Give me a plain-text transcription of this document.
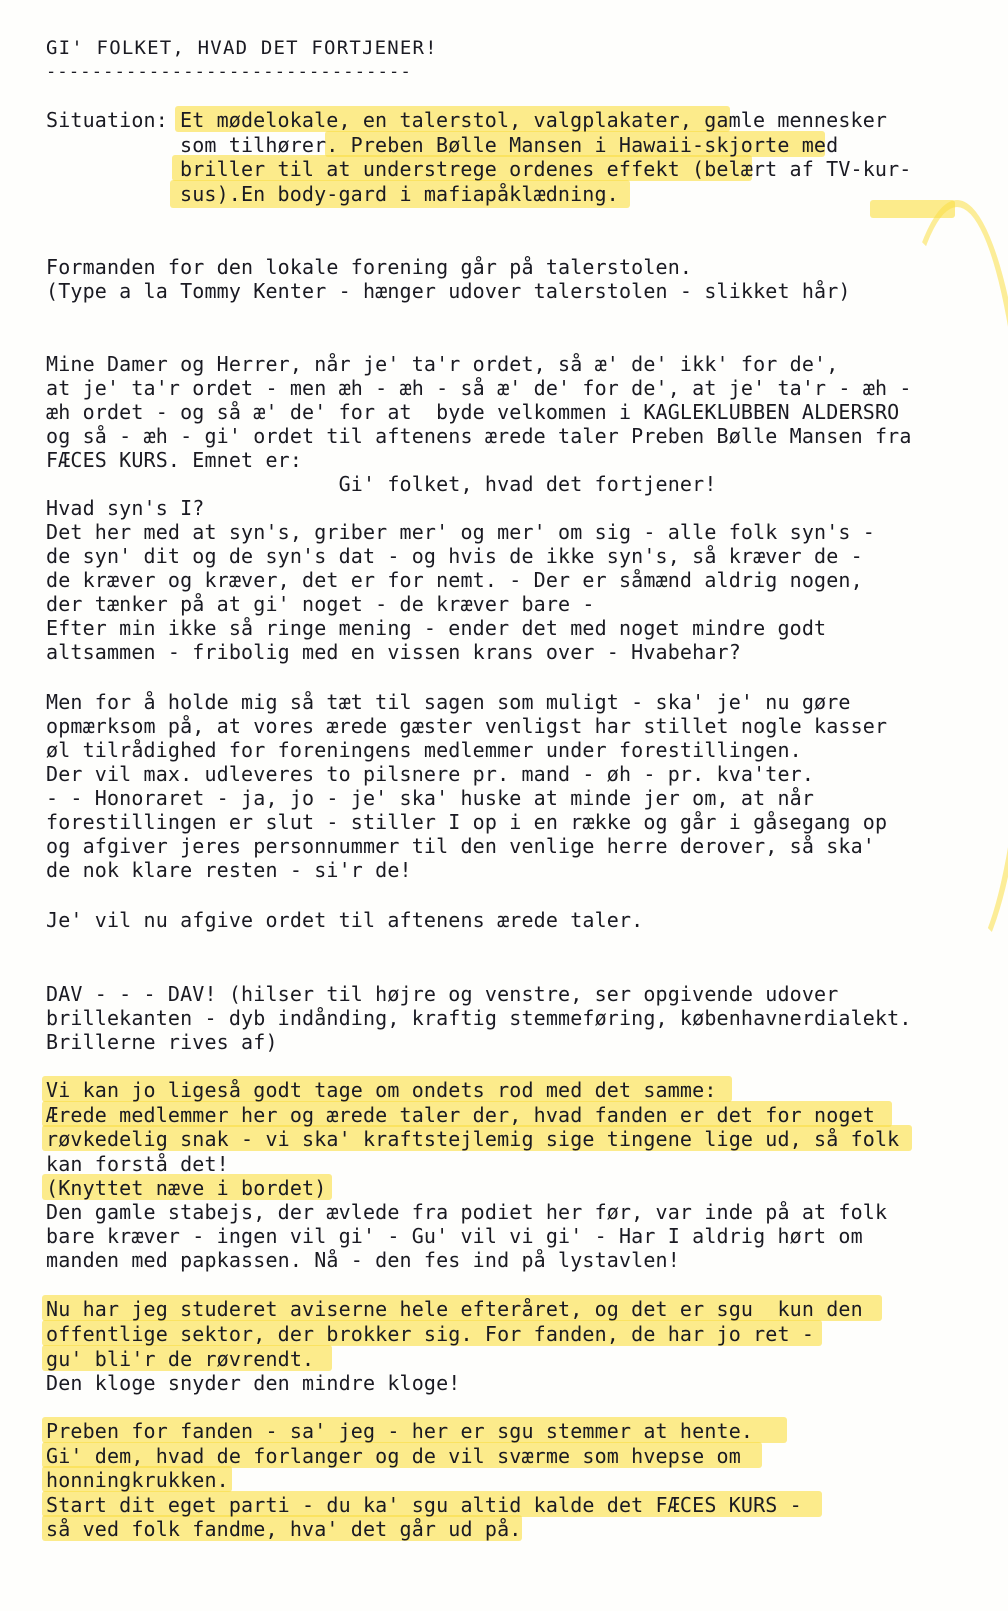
GI' FOLKET, HVAD DET FORTJENER!
--------------------------------
Situation: Et mødelokale, en talerstol, valgplakater, gamle mennesker
som tilhører. Preben Bølle Mansen i Hawaii-skjorte med
briller til at understrege ordenes effekt (belært af TV-kur-
sus).En body-gard i mafiapåklædning.
Formanden for den lokale forening går på talerstolen.
(Type a la Tommy Kenter - hænger udover talerstolen - slikket hår)
Mine Damer og Herrer, når je' ta'r ordet, så æ' de' ikk' for de',
at je' ta'r ordet - men æh - æh - så æ' de' for de', at je' ta'r - æh -
æh ordet - og så æ' de' for at  byde velkommen i KAGLEKLUBBEN ALDERSRO
og så - æh - gi' ordet til aftenens ærede taler Preben Bølle Mansen fra
FÆCES KURS. Emnet er:
Gi' folket, hvad det fortjener!
Hvad syn's I?
Det her med at syn's, griber mer' og mer' om sig - alle folk syn's -
de syn' dit og de syn's dat - og hvis de ikke syn's, så kræver de -
de kræver og kræver, det er for nemt. - Der er såmænd aldrig nogen,
der tænker på at gi' noget - de kræver bare -
Efter min ikke så ringe mening - ender det med noget mindre godt
altsammen - fribolig med en vissen krans over - Hvabehar?
Men for å holde mig så tæt til sagen som muligt - ska' je' nu gøre
opmærksom på, at vores ærede gæster venligst har stillet nogle kasser
øl tilrådighed for foreningens medlemmer under forestillingen.
Der vil max. udleveres to pilsnere pr. mand - øh - pr. kva'ter.
- - Honoraret - ja, jo - je' ska' huske at minde jer om, at når
forestillingen er slut - stiller I op i en række og går i gåsegang op
og afgiver jeres personnummer til den venlige herre derover, så ska'
de nok klare resten - si'r de!
Je' vil nu afgive ordet til aftenens ærede taler.
DAV - - - DAV! (hilser til højre og venstre, ser opgivende udover
brillekanten - dyb indånding, kraftig stemmeføring, københavnerdialekt.
Brillerne rives af)
Vi kan jo ligeså godt tage om ondets rod med det samme:
Ærede medlemmer her og ærede taler der, hvad fanden er det for noget
røvkedelig snak - vi ska' kraftstejlemig sige tingene lige ud, så folk
kan forstå det!
(Knyttet næve i bordet)
Den gamle stabejs, der ævlede fra podiet her før, var inde på at folk
bare kræver - ingen vil gi' - Gu' vil vi gi' - Har I aldrig hørt om
manden med papkassen. Nå - den fes ind på lystavlen!
Nu har jeg studeret aviserne hele efteråret, og det er sgu  kun den
offentlige sektor, der brokker sig. For fanden, de har jo ret -
gu' bli'r de røvrendt.
Den kloge snyder den mindre kloge!
Preben for fanden - sa' jeg - her er sgu stemmer at hente.
Gi' dem, hvad de forlanger og de vil sværme som hvepse om
honningkrukken.
Start dit eget parti - du ka' sgu altid kalde det FÆCES KURS -
så ved folk fandme, hva' det går ud på.
